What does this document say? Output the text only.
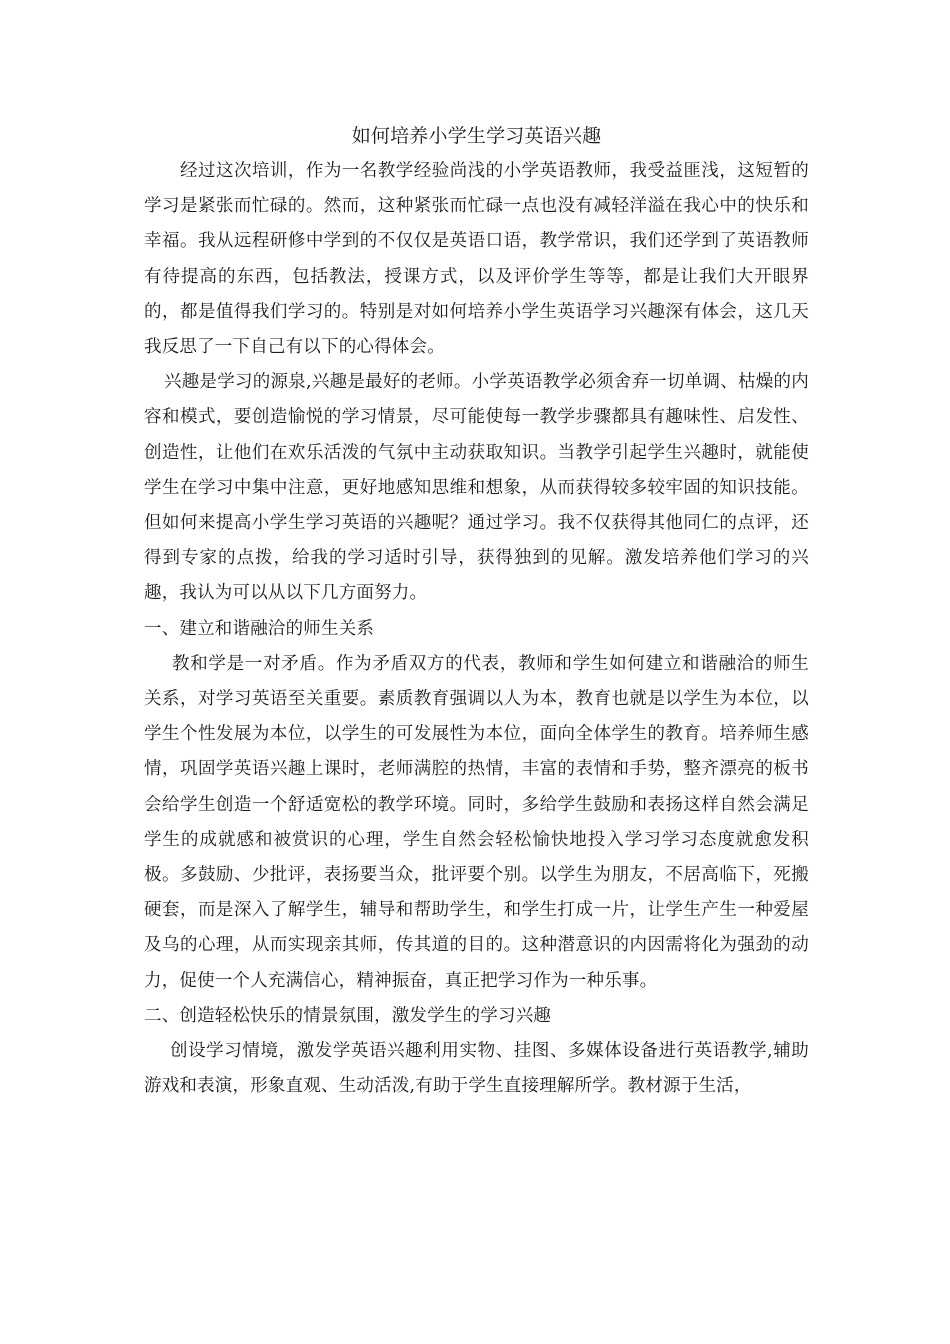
如何培养小学生学习英语兴趣

经过这次培训，作为一名教学经验尚浅的小学英语教师，我受益匪浅，这短暂的学习是紧张而忙碌的。然而，这种紧张而忙碌一点也没有减轻洋溢在我心中的快乐和幸福。我从远程研修中学到的不仅仅是英语口语，教学常识，我们还学到了英语教师有待提高的东西，包括教法，授课方式，以及评价学生等等，都是让我们大开眼界的，都是值得我们学习的。特别是对如何培养小学生英语学习兴趣深有体会，这几天我反思了一下自己有以下的心得体会。

兴趣是学习的源泉,兴趣是最好的老师。小学英语教学必须舍弃一切单调、枯燥的内容和模式，要创造愉悦的学习情景，尽可能使每一教学步骤都具有趣味性、启发性、创造性，让他们在欢乐活泼的气氛中主动获取知识。当教学引起学生兴趣时，就能使学生在学习中集中注意，更好地感知思维和想象，从而获得较多较牢固的知识技能。但如何来提高小学生学习英语的兴趣呢？通过学习。我不仅获得其他同仁的点评，还得到专家的点拨，给我的学习适时引导，获得独到的见解。激发培养他们学习的兴趣，我认为可以从以下几方面努力。

一、建立和谐融洽的师生关系

教和学是一对矛盾。作为矛盾双方的代表，教师和学生如何建立和谐融洽的师生关系，对学习英语至关重要。素质教育强调以人为本，教育也就是以学生为本位，以学生个性发展为本位，以学生的可发展性为本位，面向全体学生的教育。培养师生感情，巩固学英语兴趣上课时，老师满腔的热情，丰富的表情和手势，整齐漂亮的板书会给学生创造一个舒适宽松的教学环境。同时，多给学生鼓励和表扬这样自然会满足学生的成就感和被赏识的心理，学生自然会轻松愉快地投入学习学习态度就愈发积极。多鼓励、少批评，表扬要当众，批评要个别。以学生为朋友，不居高临下，死搬硬套，而是深入了解学生，辅导和帮助学生，和学生打成一片，让学生产生一种爱屋及乌的心理，从而实现亲其师，传其道的目的。这种潜意识的内因需将化为强劲的动力，促使一个人充满信心，精神振奋，真正把学习作为一种乐事。

二、创造轻松快乐的情景氛围，激发学生的学习兴趣

创设学习情境，激发学英语兴趣利用实物、挂图、多媒体设备进行英语教学,辅助游戏和表演，形象直观、生动活泼,有助于学生直接理解所学。教材源于生活，
